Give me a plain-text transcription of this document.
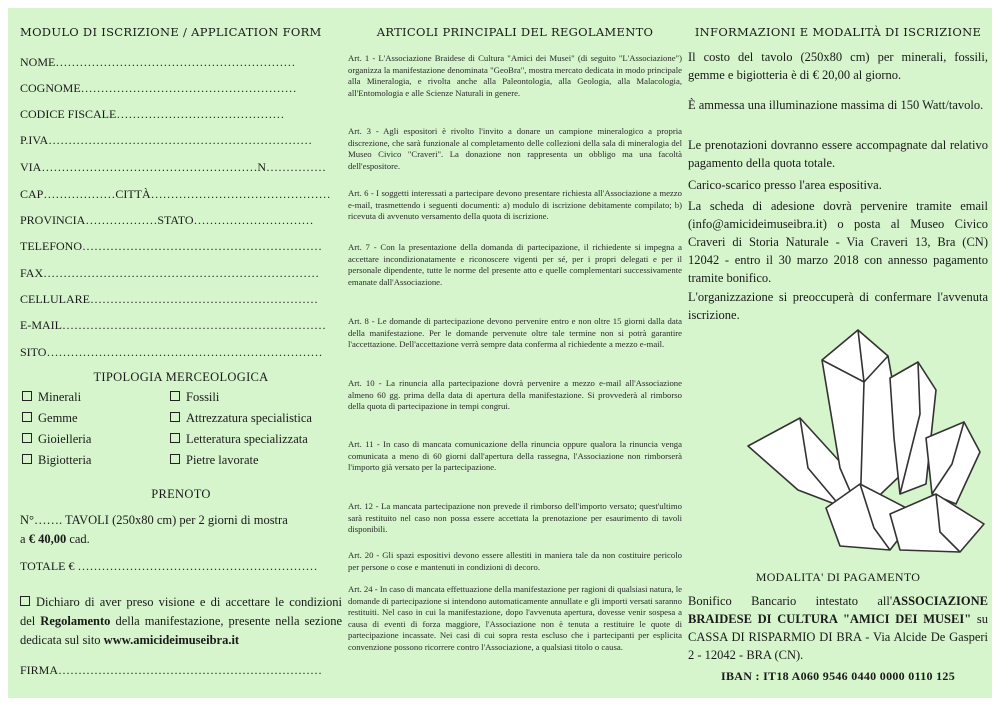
MODULO DI ISCRIZIONE / APPLICATION FORM
NOME……………………………………………………
COGNOME………………………………………………
CODICE FISCALE……………………………………
P.IVA…………………………………………………………
VIA………………………………………………N……………
CAP………………CITTÀ………………………………………
PROVINCIA………………STATO…………………………
TELEFONO……………………………………………………
FAX……………………………………………………………
CELLULARE…………………………………………………
E-MAIL…………………………………………………………
SITO……………………………………………………………
TIPOLOGIA MERCEOLOGICA
Minerali	Fossili
Gemme	Attrezzatura specialistica
Gioielleria	Letteratura specializzata
Bigiotteria	Pietre lavorate
PRENOTO
N°……. TAVOLI (250x80 cm) per 2 giorni di mostra
a € 40,00 cad.
TOTALE € ……………………………………………………
Dichiaro di aver preso visione e di accettare le condizioni del Regolamento della manifestazione, presente nella sezione dedicata sul sito www.amicideimuseibra.it
FIRMA…………………………………………………………
ARTICOLI PRINCIPALI DEL REGOLAMENTO
Art. 1 - L'Associazione Braidese di Cultura "Amici dei Musei" (di seguito "L'Associazione") organizza la manifestazione denominata "GeoBra", mostra mercato dedicata in modo principale alla Mineralogia, e rivolta anche alla Paleontologia, alla Geologia, alla Malacologia, all'Entomologia e alle Scienze Naturali in genere.
Art. 3 - Agli espositori è rivolto l'invito a donare un campione mineralogico a propria discrezione, che sarà funzionale al completamento delle collezioni della sala di mineralogia del Museo Civico "Craveri". La donazione non rappresenta un obbligo ma una facoltà dell'espositore.
Art. 6 - I soggetti interessati a partecipare devono presentare richiesta all'Associazione a mezzo e-mail, trasmettendo i seguenti documenti: a) modulo di iscrizione debitamente compilato; b) ricevuta di avvenuto versamento della quota di iscrizione.
Art. 7 - Con la presentazione della domanda di partecipazione, il richiedente si impegna a accettare incondizionatamente e riconoscere vigenti per sé, per i propri delegati e per il personale dipendente, tutte le norme del presente atto e quelle complementari successivamente emanate dall'Associazione.
Art. 8 - Le domande di partecipazione devono pervenire entro e non oltre 15 giorni dalla data della manifestazione. Per le domande pervenute oltre tale termine non si potrà garantire l'accettazione. Dell'accettazione verrà sempre data conferma al richiedente a mezzo e-mail.
Art. 10 - La rinuncia alla partecipazione dovrà pervenire a mezzo e-mail all'Associazione almeno 60 gg. prima della data di apertura della manifestazione. Si provvederà al rimborso della quota di partecipazione in tempi congrui.
Art. 11 - In caso di mancata comunicazione della rinuncia oppure qualora la rinuncia venga comunicata a meno di 60 giorni dall'apertura della rassegna, l'Associazione non rimborserà l'importo già versato per la partecipazione.
Art. 12 - La mancata partecipazione non prevede il rimborso dell'importo versato; quest'ultimo sarà restituito nel caso non possa essere accettata la prenotazione per esaurimento di tavoli disponibili.
Art. 20 - Gli spazi espositivi devono essere allestiti in maniera tale da non costituire pericolo per persone o cose e mantenuti in condizioni di decoro.
Art. 24 - In caso di mancata effettuazione della manifestazione per ragioni di qualsiasi natura, le domande di partecipazione si intendono automaticamente annullate e gli importi versati saranno restituiti. Nel caso in cui la manifestazione, dopo l'avvenuta apertura, dovesse venir sospesa a causa di eventi di forza maggiore, l'Associazione non è tenuta a restituire le quote di partecipazione incassate. Nei casi di cui sopra resta escluso che i partecipanti per esplicita convenzione possono ricorrere contro l'Associazione, a qualsiasi titolo o causa.
INFORMAZIONI E MODALITÀ DI ISCRIZIONE
Il costo del tavolo (250x80 cm) per minerali, fossili, gemme e bigiotteria è di € 20,00 al giorno.
È ammessa una illuminazione massima di 150 Watt/tavolo.
Le prenotazioni dovranno essere accompagnate dal relativo pagamento della quota totale.
Carico-scarico presso l'area espositiva.
La scheda di adesione dovrà pervenire tramite email (info@amicideimuseibra.it) o posta al Museo Civico Craveri di Storia Naturale - Via Craveri 13, Bra (CN) 12042 - entro il 30 marzo 2018 con annesso pagamento tramite bonifico.
L'organizzazione si preoccuperà di confermare l'avvenuta iscrizione.
MODALITA' DI PAGAMENTO
Bonifico Bancario intestato all'ASSOCIAZIONE BRAIDESE DI CULTURA "AMICI DEI MUSEI" su CASSA DI RISPARMIO DI BRA - Via Alcide De Gasperi 2 - 12042 - BRA (CN).
IBAN : IT18 A060 9546 0440 0000 0110 125
